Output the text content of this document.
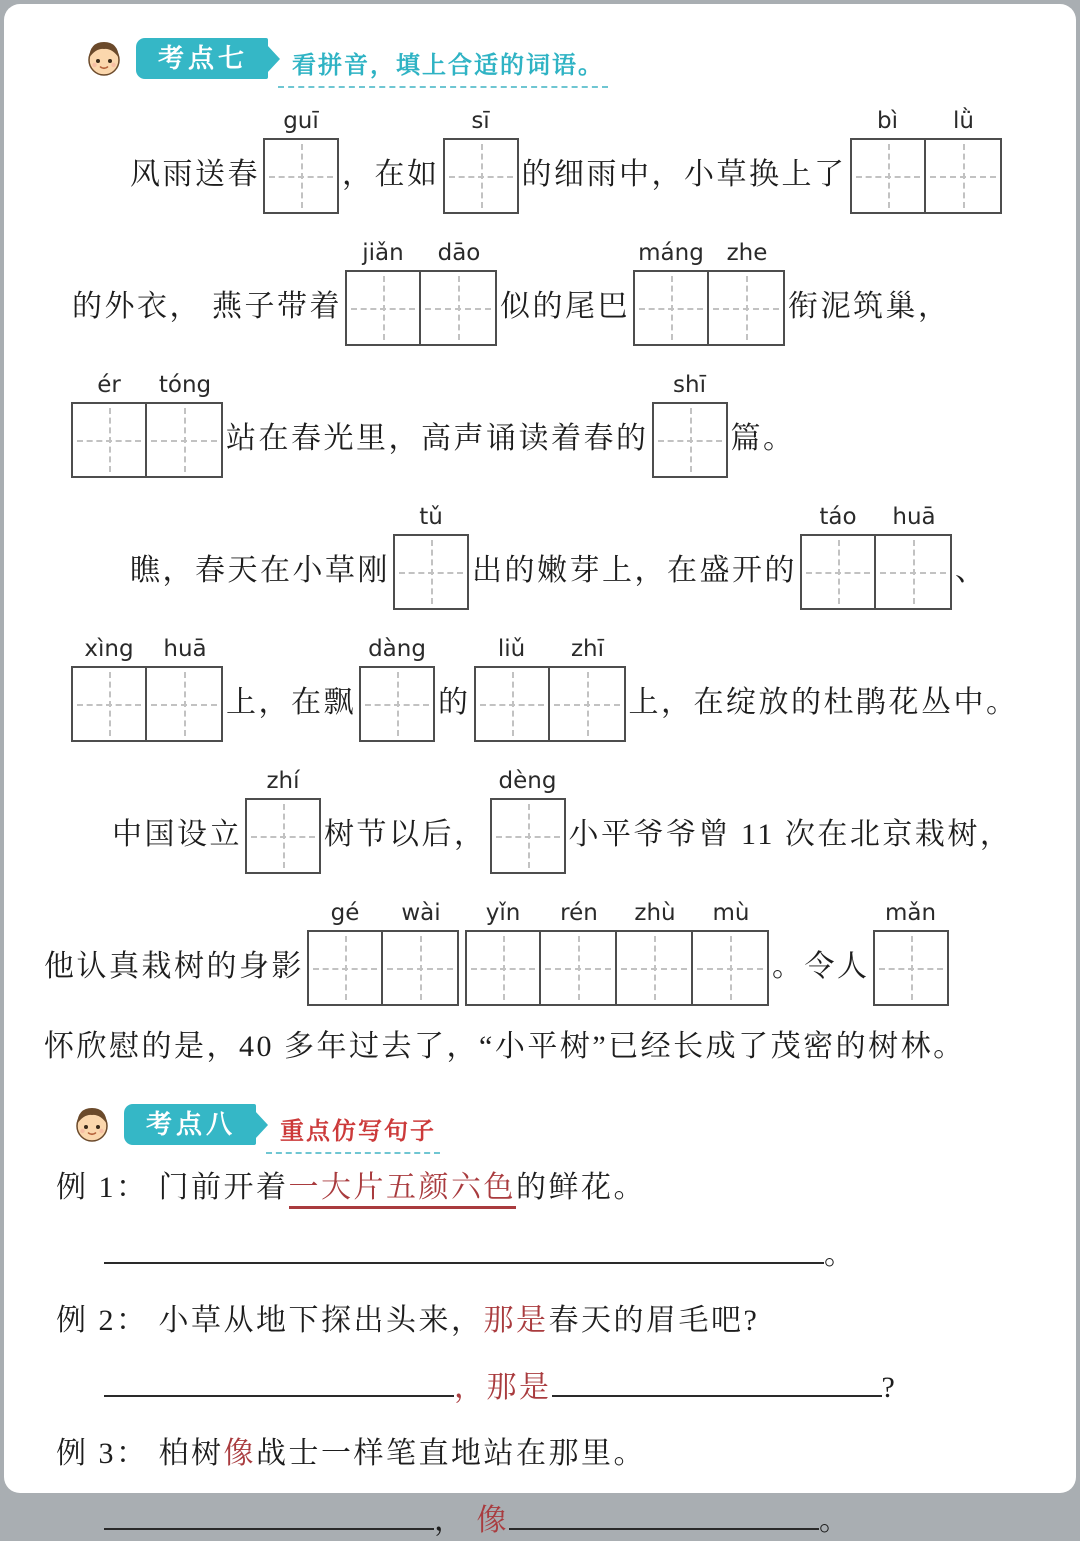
考点七	看拼音，填上合适的词语。
风雨送春
guī
，在如
sī
的细雨中，小草换上了
bì	lǜ
的外衣， 燕子带着
jiǎn	dāo
似的尾巴
máng zhe
衔泥筑巢，
ér	tóng
站在春光里，高声诵读着春的
shī
篇。
瞧，春天在小草刚
tǔ
出的嫩芽上，在盛开的
táo	huā
、
xìng	huā
上，在飘
dàng
的
liǔ	zhī
上，在绽放的杜鹃花丛中。
中国设立
zhí
树节以后，
dèng
小平爷爷曾 11 次在北京栽树，
他认真栽树的身影
gé	wài	yǐn	rén	zhù	mù
。令人
mǎn
怀欣慰的是，40 多年过去了，“小平树”已经长成了茂密的树林。
考点八	重点仿写句子
例 1： 门前开着一大片五颜六色的鲜花。
。
例 2： 小草从地下探出头来，那是春天的眉毛吧?
，那是	?
例 3： 柏树像战士一样笔直地站在那里。
， 像	。
